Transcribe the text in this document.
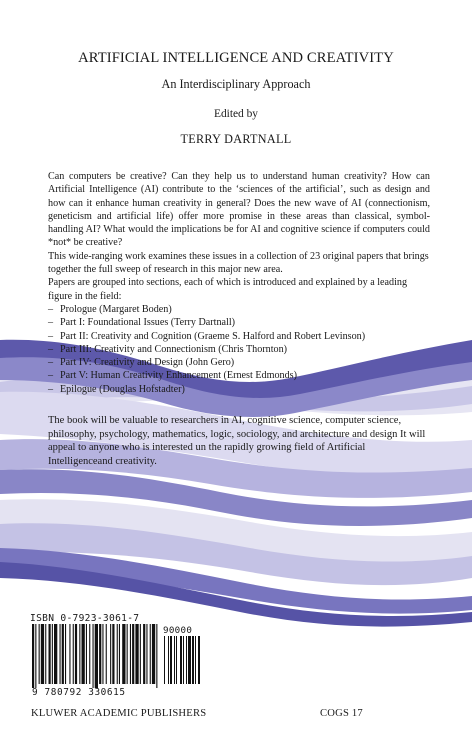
ARTIFICIAL INTELLIGENCE AND CREATIVITY
An Interdisciplinary Approach
Edited by
TERRY DARTNALL

Can computers be creative? Can they help us to understand human creativity? How can Artificial Intelligence (AI) contribute to the ‘sciences of the artificial’, such as design and how can it enhance human creativity in general? Does the new wave of AI (connectionism, geneticism and artificial life) offer more promise in these areas than classical, symbol-handling AI? What would the implications be for AI and cognitive science if computers could *not* be creative?

This wide-ranging work examines these issues in a collection of 23 original papers that brings together the full sweep of research in this major new area.

Papers are grouped into sections, each of which is introduced and explained by a leading figure in the field:

– Prologue (Margaret Boden)
– Part I: Foundational Issues (Terry Dartnall)
– Part II: Creativity and Cognition (Graeme S. Halford and Robert Levinson)
– Part III: Creativity and Connectionism (Chris Thornton)
– Part IV: Creativity and Design (John Gero)
– Part V: Human Creativity Enhancement (Ernest Edmonds)
– Epilogue (Douglas Hofstadter)

The book will be valuable to researchers in AI, cognitive science, computer science, philosophy, psychology, mathematics, logic, sociology, and architecture and design It will appeal to anyone who is interested un the rapidly growing field of Artificial Intelligenceand creativity.

ISBN 0-7923-3061-7
90000
9 780792 330615
KLUWER ACADEMIC PUBLISHERS	COGS 17
